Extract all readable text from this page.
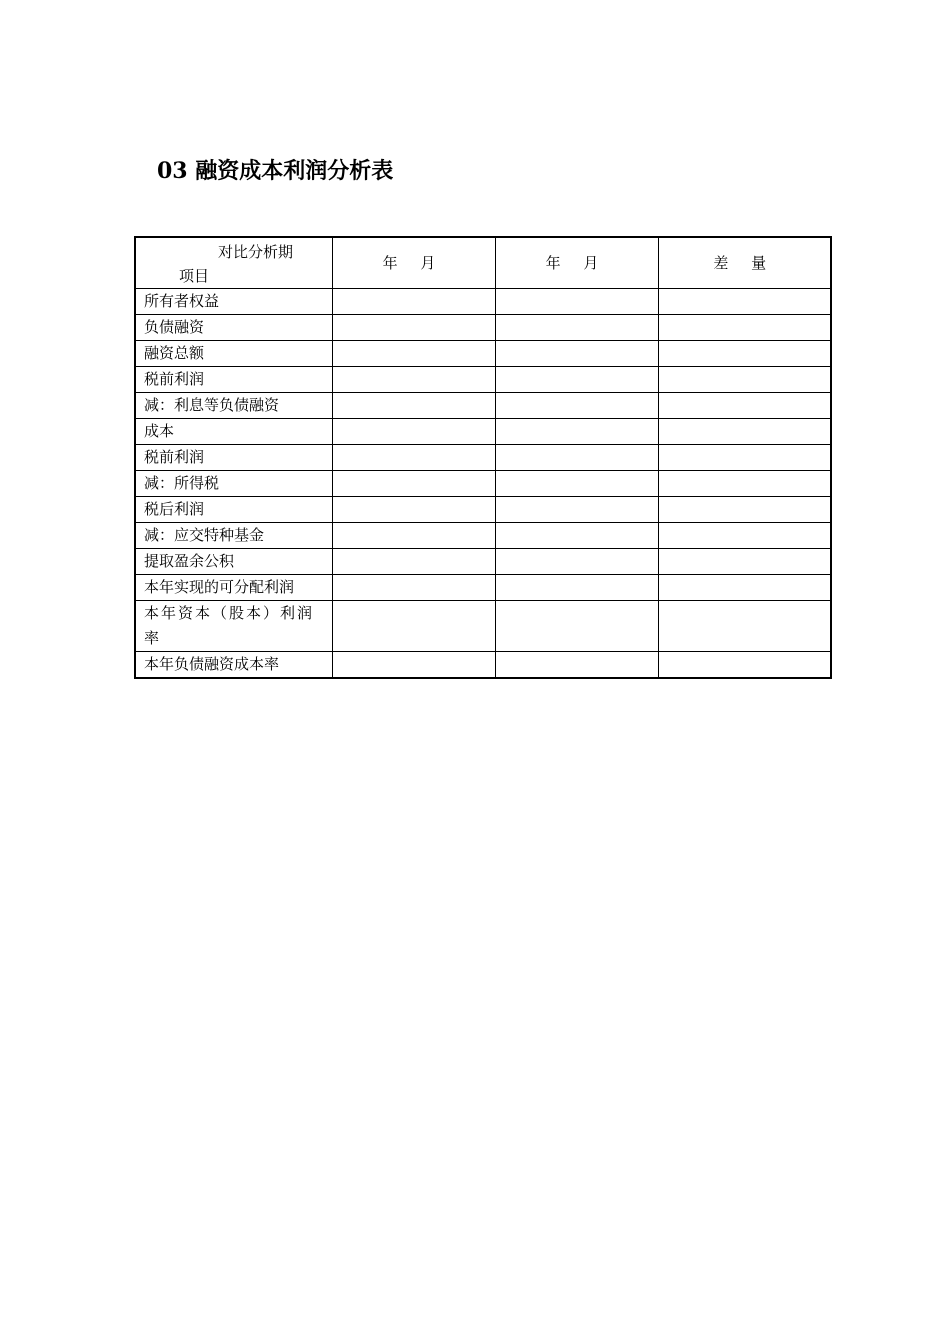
03 融资成本利润分析表
对比分析期
项目	年 月	年 月	差 量
所有者权益			
负债融资			
融资总额			
税前利润			
减：利息等负债融资			
成本			
税前利润			
减：所得税			
税后利润			
减：应交特种基金			
提取盈余公积			
本年实现的可分配利润			
本年资本（股本）利润率			
本年负债融资成本率			
